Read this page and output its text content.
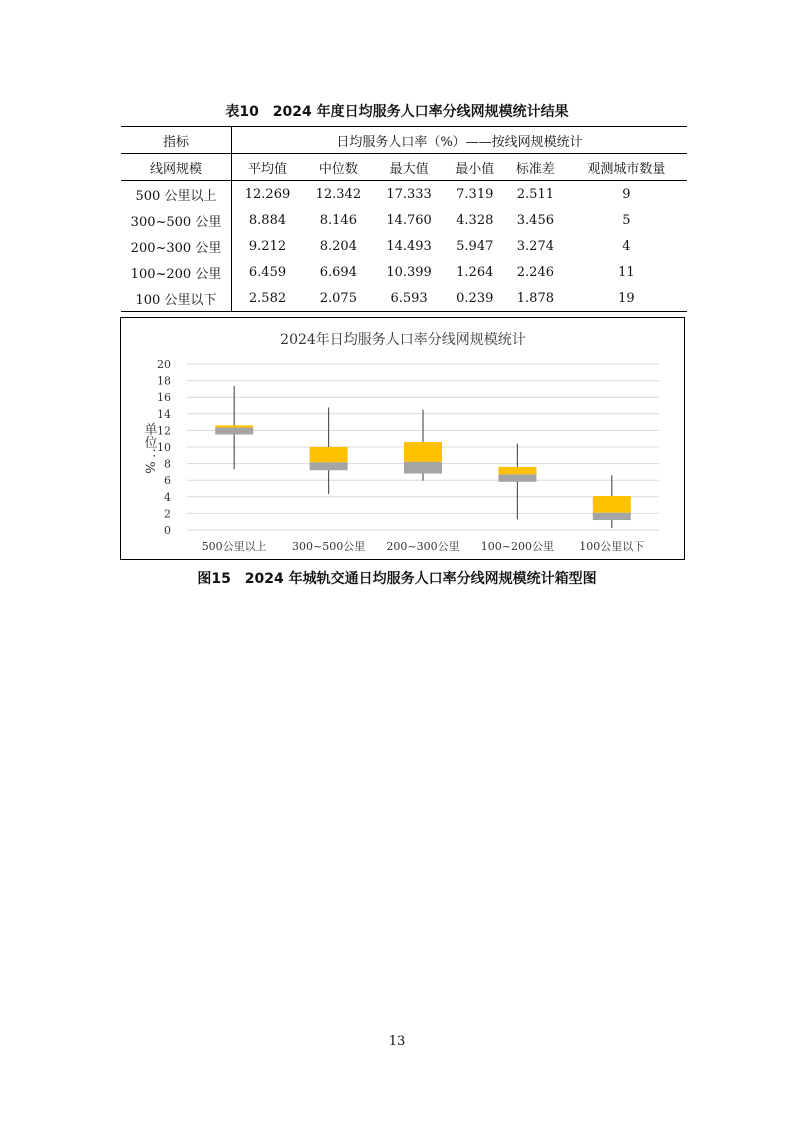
表10　2024 年度日均服务人口率分线网规模统计结果
指标	日均服务人口率（%）——按线网规模统计					
线网规模	平均值	中位数	最大值	最小值	标准差	观测城市数量
500 公里以上	12.269	12.342	17.333	7.319	2.511	9
300~500 公里	8.884	8.146	14.760	4.328	3.456	5
200~300 公里	9.212	8.204	14.493	5.947	3.274	4
100~200 公里	6.459	6.694	10.399	1.264	2.246	11
100 公里以下	2.582	2.075	6.593	0.239	1.878	19
2024年日均服务人口率分线网规模统计
单位：%
0
2
4
6
8
10
12
14
16
18
20
500公里以上 300~500公里 200~300公里 100~200公里 100公里以下
图15　2024 年城轨交通日均服务人口率分线网规模统计箱型图
13
